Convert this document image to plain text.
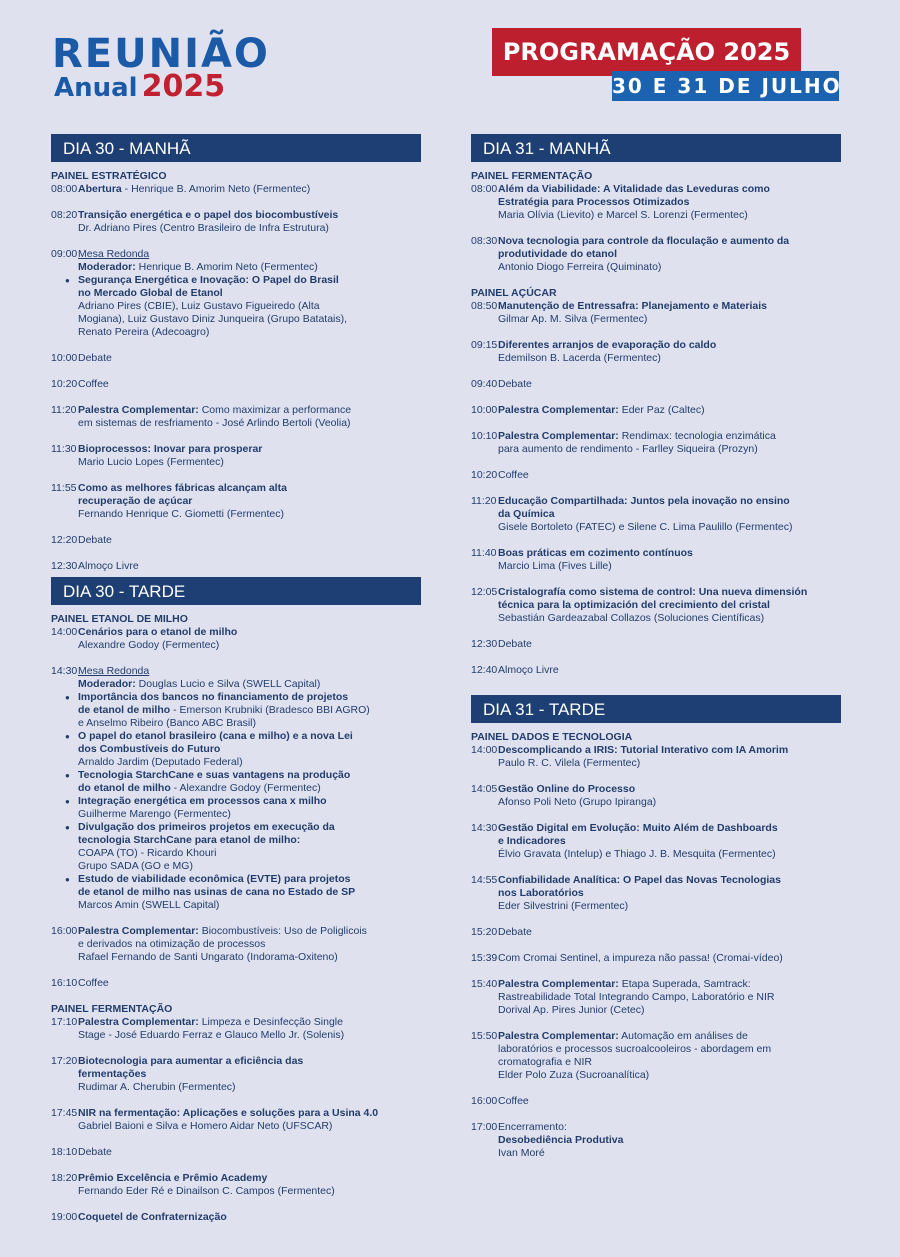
REUNIÃO
Anual 2025
PROGRAMAÇÃO 2025
30 E 31 DE JULHO
DIA 30 - MANHÃ
PAINEL ESTRATÉGICO
08:00 Abertura - Henrique B. Amorim Neto (Fermentec)
08:20 Transição energética e o papel dos biocombustíveis
Dr. Adriano Pires (Centro Brasileiro de Infra Estrutura)
09:00 Mesa Redonda
Moderador: Henrique B. Amorim Neto (Fermentec)
● Segurança Energética e Inovação: O Papel do Brasil
no Mercado Global de Etanol
Adriano Pires (CBIE), Luiz Gustavo Figueiredo (Alta
Mogiana), Luiz Gustavo Diniz Junqueira (Grupo Batatais),
Renato Pereira (Adecoagro)
10:00 Debate
10:20 Coffee
11:20 Palestra Complementar: Como maximizar a performance
em sistemas de resfriamento - José Arlindo Bertoli (Veolia)
11:30 Bioprocessos: Inovar para prosperar
Mario Lucio Lopes (Fermentec)
11:55 Como as melhores fábricas alcançam alta
recuperação de açúcar
Fernando Henrique C. Giometti (Fermentec)
12:20 Debate
12:30 Almoço Livre
DIA 30 - TARDE
PAINEL ETANOL DE MILHO
14:00 Cenários para o etanol de milho
Alexandre Godoy (Fermentec)
14:30 Mesa Redonda
Moderador: Douglas Lucio e Silva (SWELL Capital)
● Importância dos bancos no financiamento de projetos
de etanol de milho - Emerson Krubniki (Bradesco BBI AGRO)
e Anselmo Ribeiro (Banco ABC Brasil)
● O papel do etanol brasileiro (cana e milho) e a nova Lei
dos Combustíveis do Futuro
Arnaldo Jardim (Deputado Federal)
● Tecnologia StarchCane e suas vantagens na produção
do etanol de milho - Alexandre Godoy (Fermentec)
● Integração energética em processos cana x milho
Guilherme Marengo (Fermentec)
● Divulgação dos primeiros projetos em execução da
tecnologia StarchCane para etanol de milho:
COAPA (TO) - Ricardo Khouri
Grupo SADA (GO e MG)
● Estudo de viabilidade econômica (EVTE) para projetos
de etanol de milho nas usinas de cana no Estado de SP
Marcos Amin (SWELL Capital)
16:00 Palestra Complementar: Biocombustíveis: Uso de Poliglicois
e derivados na otimização de processos
Rafael Fernando de Santi Ungarato (Indorama-Oxiteno)
16:10 Coffee
PAINEL FERMENTAÇÃO
17:10 Palestra Complementar: Limpeza e Desinfecção Single
Stage - José Eduardo Ferraz e Glauco Mello Jr. (Solenis)
17:20 Biotecnologia para aumentar a eficiência das
fermentações
Rudimar A. Cherubin (Fermentec)
17:45 NIR na fermentação: Aplicações e soluções para a Usina 4.0
Gabriel Baioni e Silva e Homero Aidar Neto (UFSCAR)
18:10 Debate
18:20 Prêmio Excelência e Prêmio Academy
Fernando Eder Ré e Dinailson C. Campos (Fermentec)
19:00 Coquetel de Confraternização
DIA 31 - MANHÃ
PAINEL FERMENTAÇÃO
08:00 Além da Viabilidade: A Vitalidade das Leveduras como
Estratégia para Processos Otimizados
Maria Olívia (Lievito) e Marcel S. Lorenzi (Fermentec)
08:30 Nova tecnologia para controle da floculação e aumento da
produtividade do etanol
Antonio Diogo Ferreira (Quiminato)
PAINEL AÇÚCAR
08:50 Manutenção de Entressafra: Planejamento e Materiais
Gilmar Ap. M. Silva (Fermentec)
09:15 Diferentes arranjos de evaporação do caldo
Edemilson B. Lacerda (Fermentec)
09:40 Debate
10:00 Palestra Complementar: Eder Paz (Caltec)
10:10 Palestra Complementar: Rendimax: tecnologia enzimática
para aumento de rendimento - Farlley Siqueira (Prozyn)
10:20 Coffee
11:20 Educação Compartilhada: Juntos pela inovação no ensino
da Química
Gisele Bortoleto (FATEC) e Silene C. Lima Paulillo (Fermentec)
11:40 Boas práticas em cozimento contínuos
Marcio Lima (Fives Lille)
12:05 Cristalografía como sistema de control: Una nueva dimensión
técnica para la optimización del crecimiento del cristal
Sebastián Gardeazabal Collazos (Soluciones Científicas)
12:30 Debate
12:40 Almoço Livre
DIA 31 - TARDE
PAINEL DADOS E TECNOLOGIA
14:00 Descomplicando a IRIS: Tutorial Interativo com IA Amorim
Paulo R. C. Vilela (Fermentec)
14:05 Gestão Online do Processo
Afonso Poli Neto (Grupo Ipiranga)
14:30 Gestão Digital em Evolução: Muito Além de Dashboards
e Indicadores
Élvio Gravata (Intelup) e Thiago J. B. Mesquita (Fermentec)
14:55 Confiabilidade Analítica: O Papel das Novas Tecnologias
nos Laboratórios
Eder Silvestrini (Fermentec)
15:20 Debate
15:39 Com Cromai Sentinel, a impureza não passa! (Cromai-vídeo)
15:40 Palestra Complementar: Etapa Superada, Samtrack:
Rastreabilidade Total Integrando Campo, Laboratório e NIR
Dorival Ap. Pires Junior (Cetec)
15:50 Palestra Complementar: Automação em análises de
laboratórios e processos sucroalcooleiros - abordagem em
cromatografia e NIR
Elder Polo Zuza (Sucroanalítica)
16:00 Coffee
17:00 Encerramento:
Desobediência Produtiva
Ivan Moré
